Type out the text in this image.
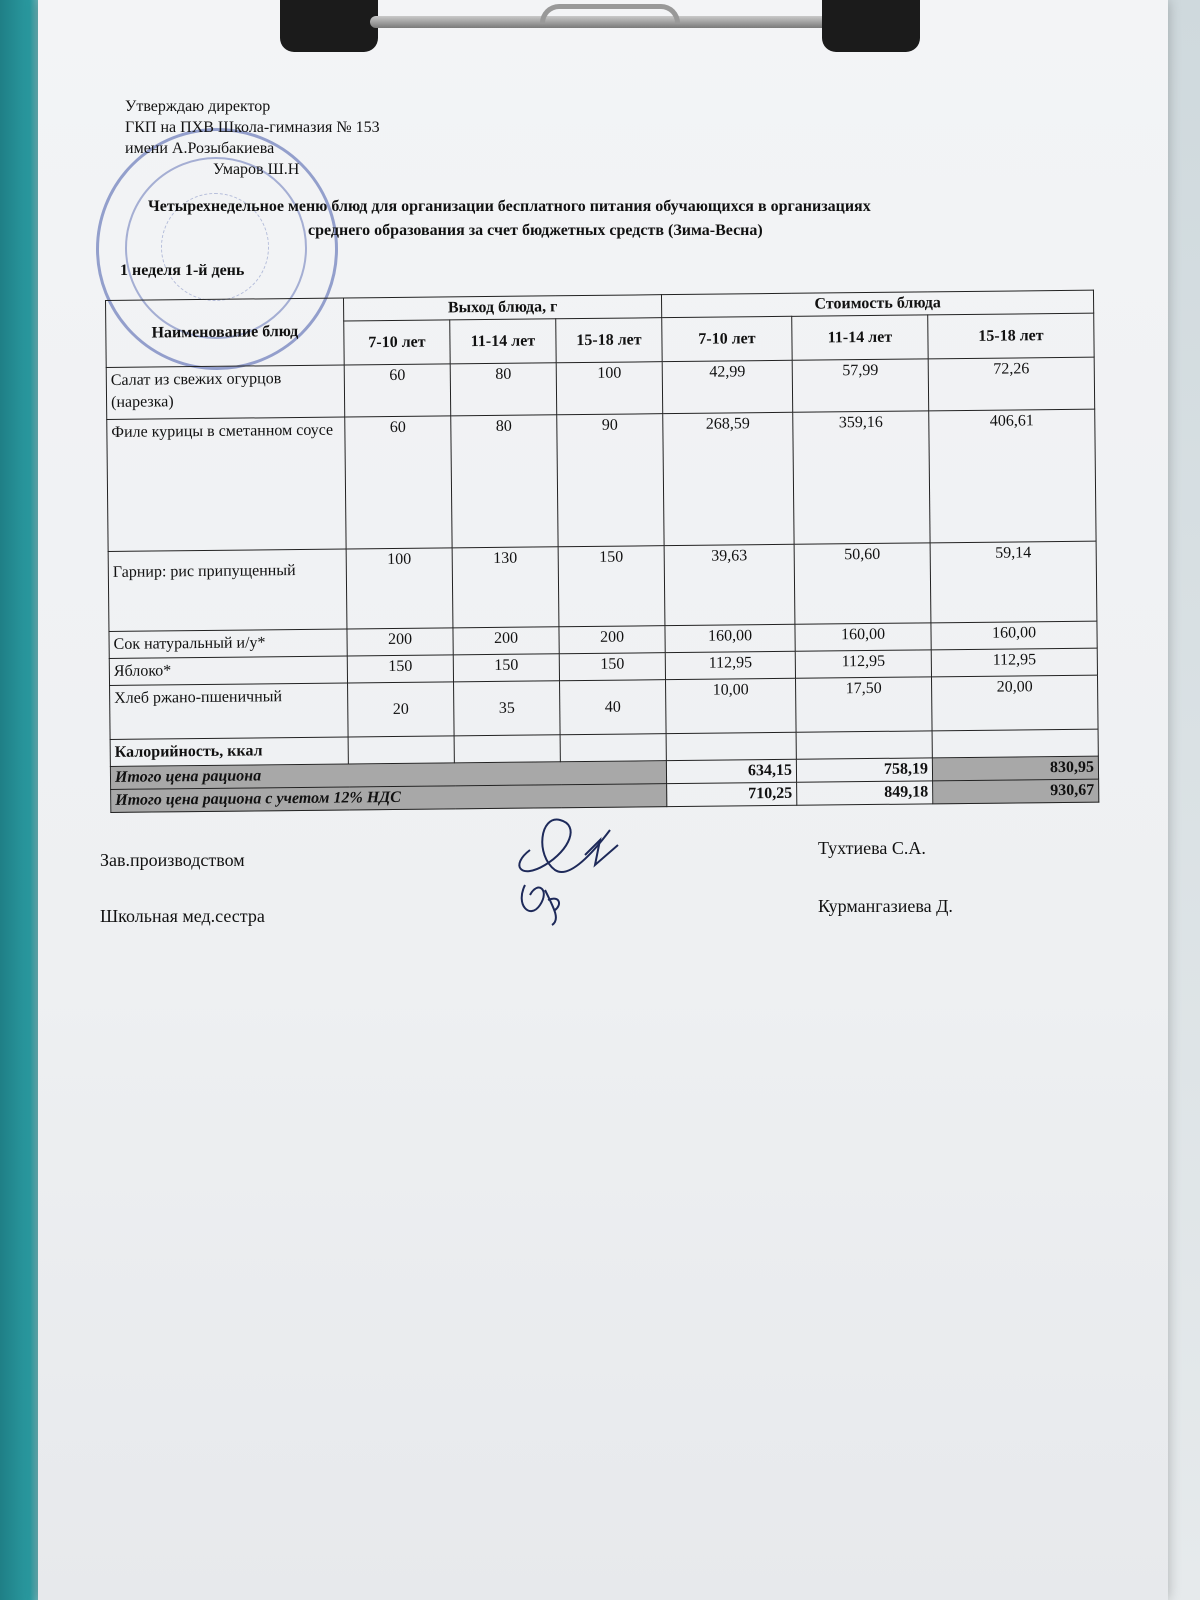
Утверждаю директор
ГКП на ПХВ Школа-гимназия № 153
имени А.Розыбакиева
Умаров Ш.Н
Четырехнедельное меню блюд для организации бесплатного питания обучающихся в организациях
среднего образования за счет бюджетных средств (Зима-Весна)
1 неделя 1-й день
Наименование блюд	Выход блюда, г			Стоимость блюда		
	7-10 лет	11-14 лет	15-18 лет	7-10 лет	11-14 лет	15-18 лет
Салат из свежих огурцов (нарезка)	60	80	100	42,99	57,99	72,26
Филе курицы в сметанном соусе	60	80	90	268,59	359,16	406,61
Гарнир: рис припущенный	100	130	150	39,63	50,60	59,14
Сок натуральный и/у*	200	200	200	160,00	160,00	160,00
Яблоко*	150	150	150	112,95	112,95	112,95
Хлеб ржано-пшеничный	20	35	40	10,00	17,50	20,00
Калорийность, ккал						
Итого цена рациона				634,15	758,19	830,95
Итого цена рациона с учетом 12% НДС				710,25	849,18	930,67
Зав.производством
Школьная мед.сестра
Тухтиева С.А.
Курмангазиева Д.
